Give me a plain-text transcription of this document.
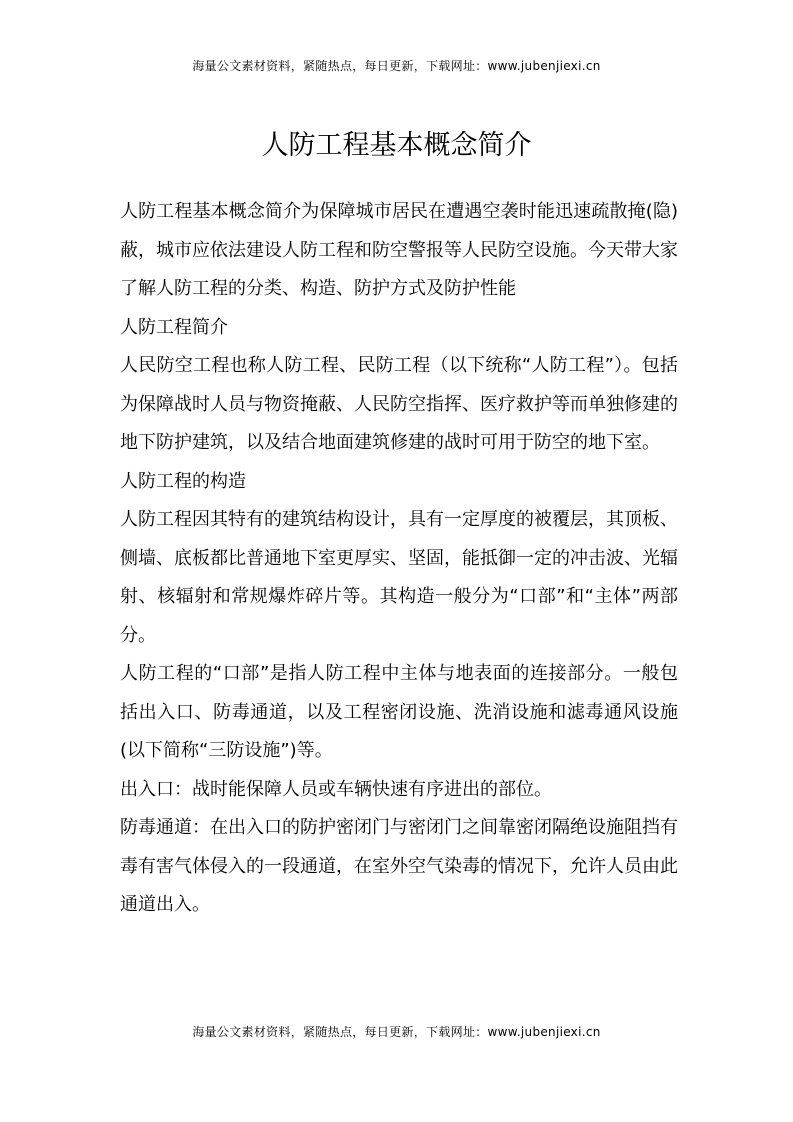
海量公文素材资料，紧随热点，每日更新，下载网址：www.jubenjiexi.cn
人防工程基本概念简介

人防工程基本概念简介为保障城市居民在遭遇空袭时能迅速疏散掩(隐)蔽，城市应依法建设人防工程和防空警报等人民防空设施。今天带大家了解人防工程的分类、构造、防护方式及防护性能

人防工程简介

人民防空工程也称人防工程、民防工程（以下统称“人防工程”）。包括为保障战时人员与物资掩蔽、人民防空指挥、医疗救护等而单独修建的地下防护建筑，以及结合地面建筑修建的战时可用于防空的地下室。

人防工程的构造

人防工程因其特有的建筑结构设计，具有一定厚度的被覆层，其顶板、侧墙、底板都比普通地下室更厚实、坚固，能抵御一定的冲击波、光辐射、核辐射和常规爆炸碎片等。其构造一般分为“口部”和“主体”两部分。

人防工程的“口部”是指人防工程中主体与地表面的连接部分。一般包括出入口、防毒通道，以及工程密闭设施、洗消设施和滤毒通风设施(以下简称“三防设施”)等。

出入口：战时能保障人员或车辆快速有序进出的部位。

防毒通道：在出入口的防护密闭门与密闭门之间靠密闭隔绝设施阻挡有毒有害气体侵入的一段通道，在室外空气染毒的情况下，允许人员由此通道出入。

海量公文素材资料，紧随热点，每日更新，下载网址：www.jubenjiexi.cn
